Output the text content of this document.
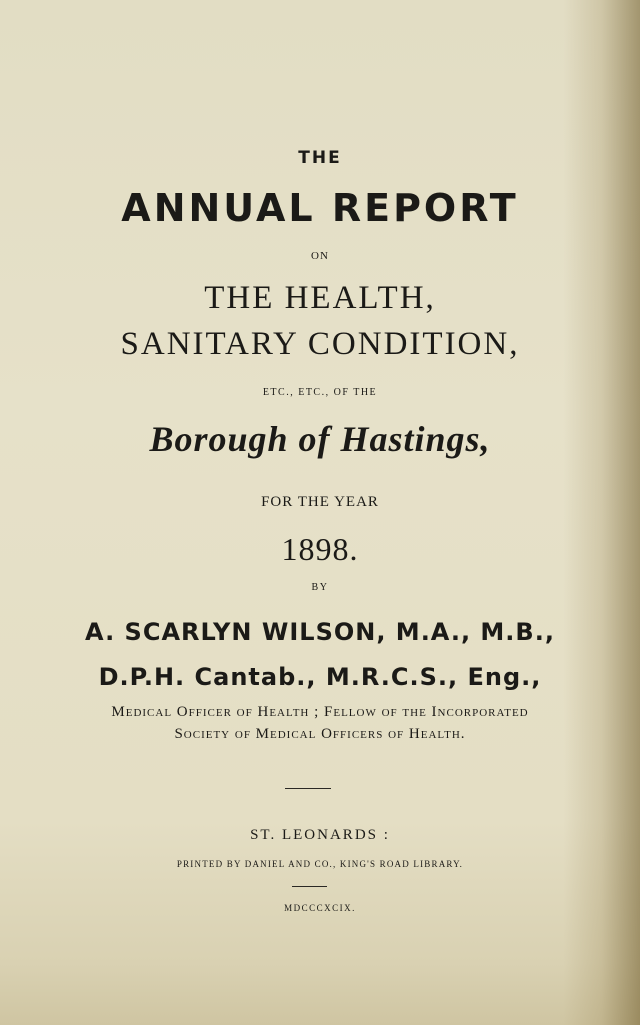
THE
ANNUAL REPORT
ON
THE HEALTH,
SANITARY CONDITION,
ETC., ETC., OF THE
Borough of Hastings,
FOR THE YEAR
1898.
BY
A. SCARLYN WILSON, M.A., M.B.,
D.P.H. Cantab., M.R.C.S., Eng.,
Medical Officer of Health ; Fellow of the Incorporated
Society of Medical Officers of Health.
ST. LEONARDS :
PRINTED BY DANIEL AND CO., KING'S ROAD LIBRARY.
MDCCCXCIX.
